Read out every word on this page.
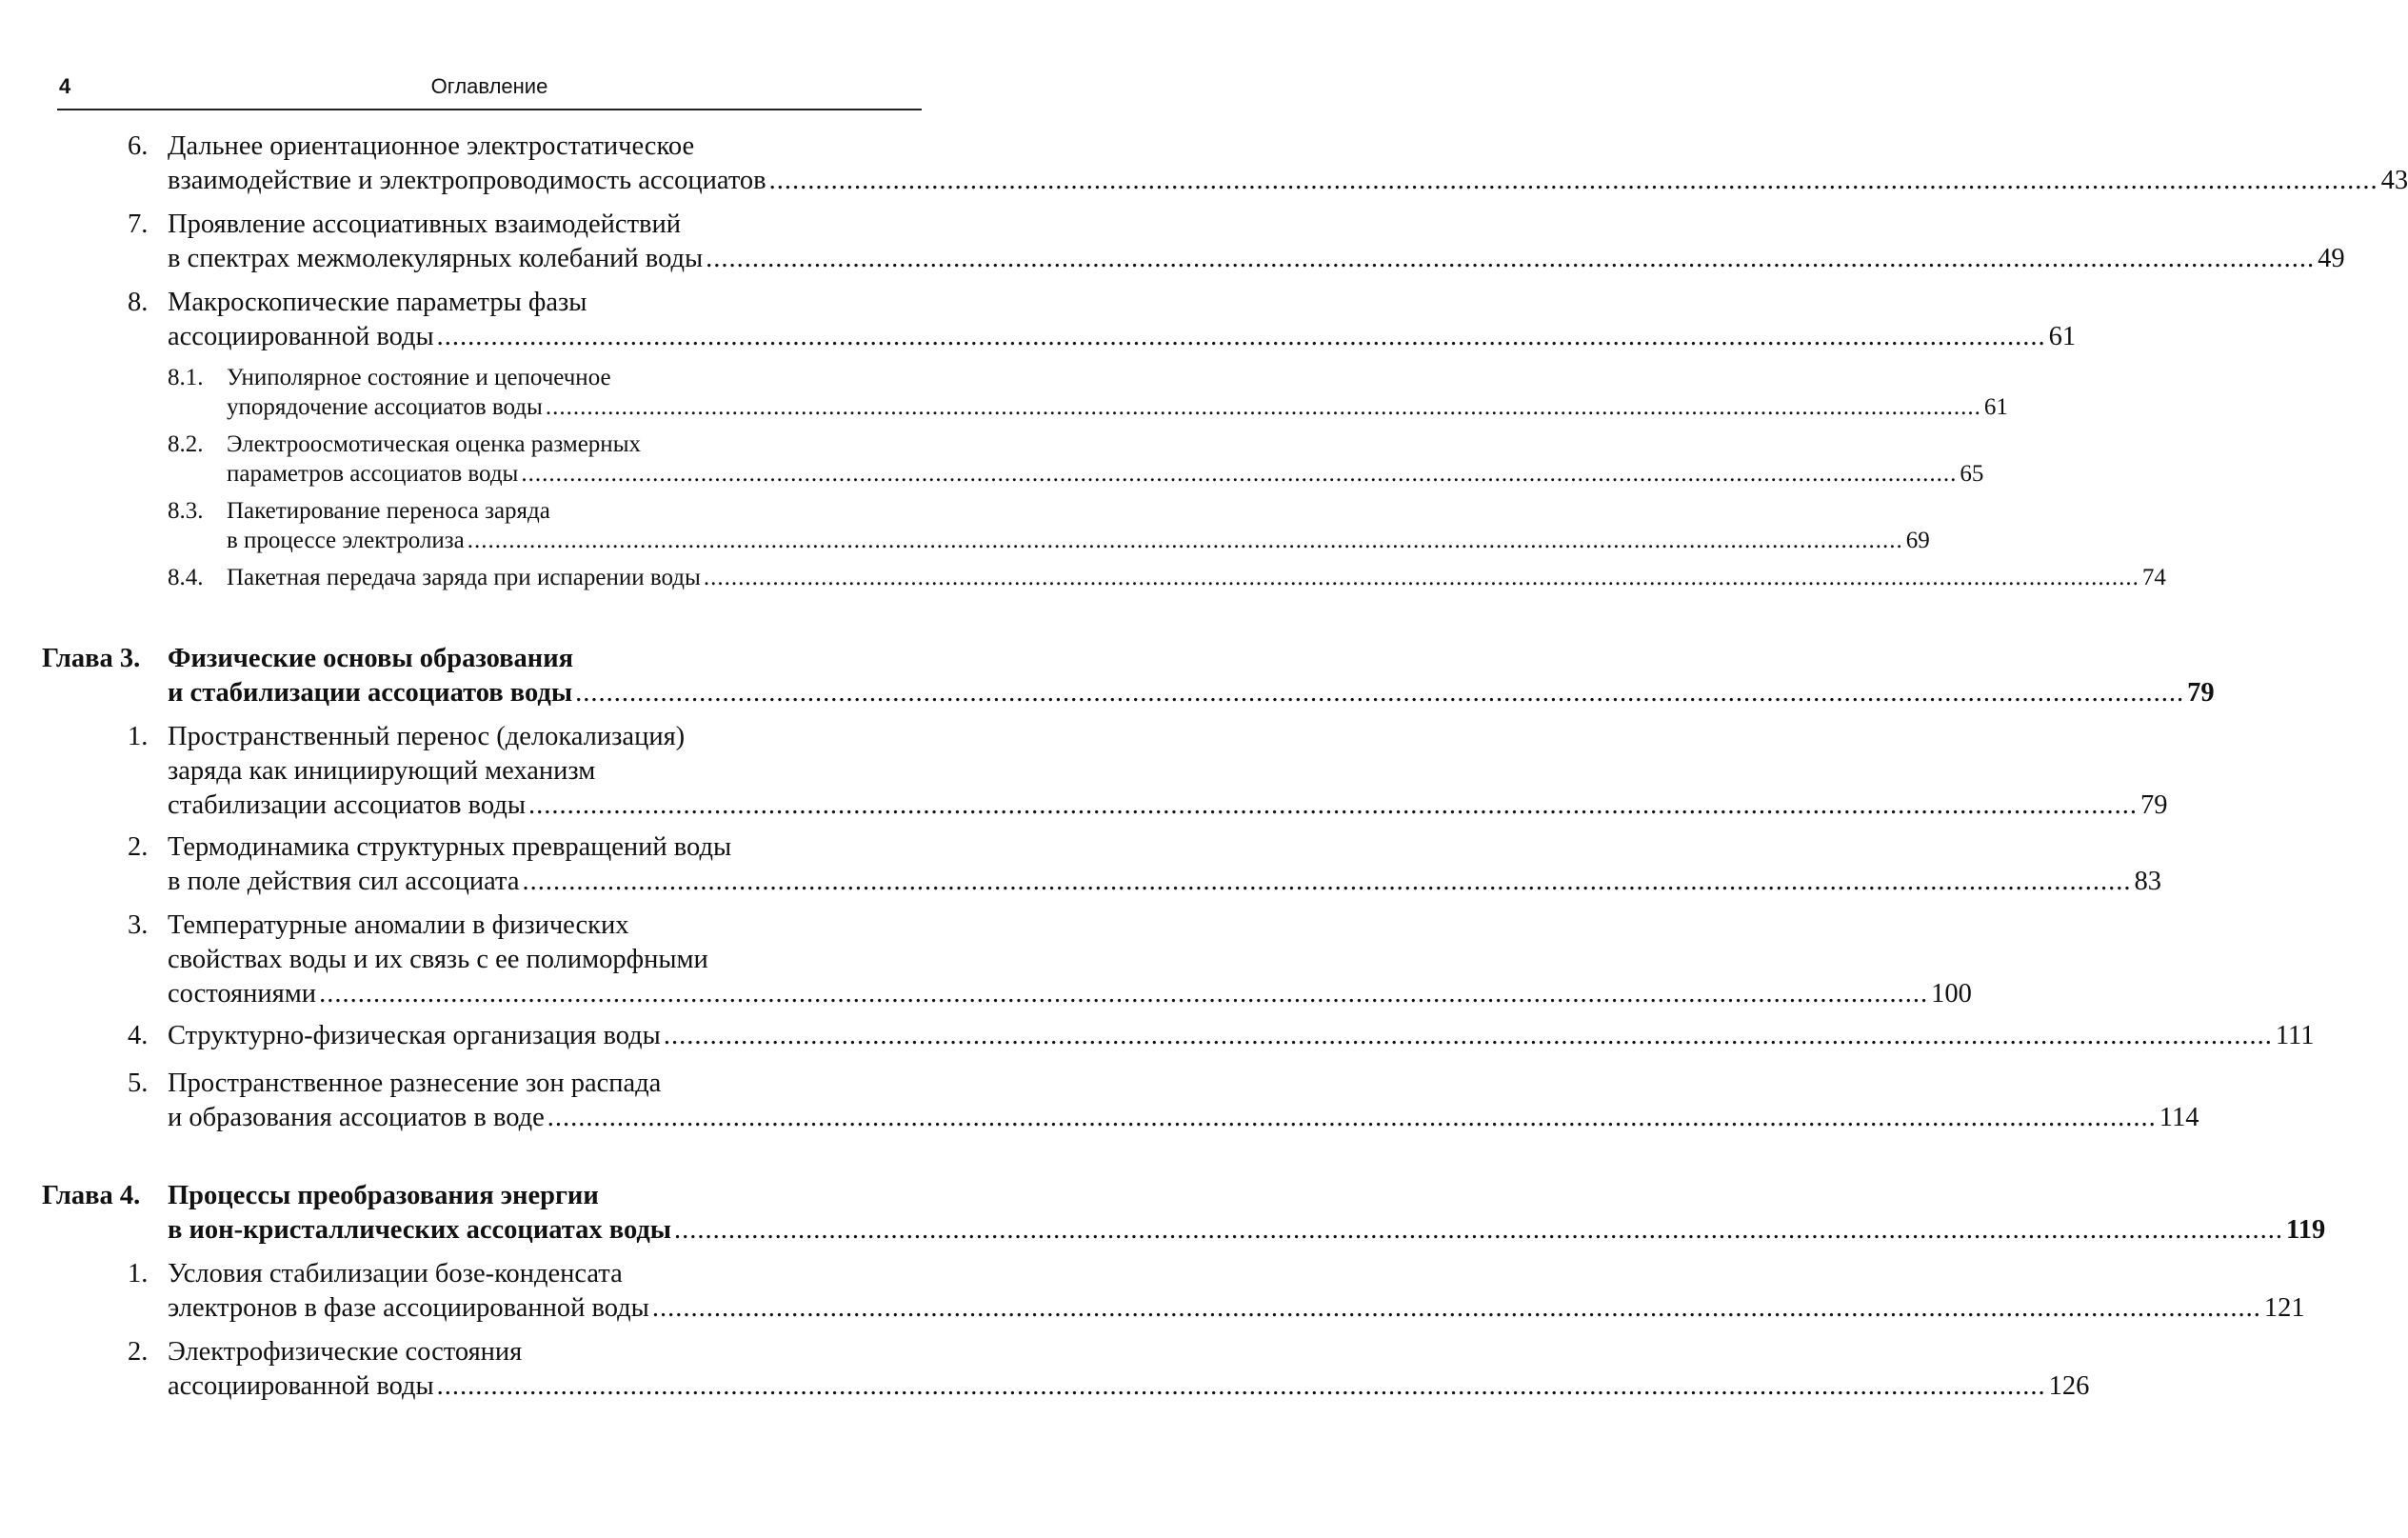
4	Оглавление
6. Дальнее ориентационное электростатическое
взаимодействие и электропроводимость ассоциатов ................................................................................................................................................................................................................ 43
7. Проявление ассоциативных взаимодействий
в спектрах межмолекулярных колебаний воды ................................................................................................................................................................................................................ 49
8. Макроскопические параметры фазы
ассоциированной воды ................................................................................................................................................................................................................ 61
8.1. Униполярное состояние и цепочечное
упорядочение ассоциатов воды ................................................................................................................................................................................................................ 61
8.2. Электроосмотическая оценка размерных
параметров ассоциатов воды ................................................................................................................................................................................................................ 65
8.3. Пакетирование переноса заряда
в процессе электролиза ................................................................................................................................................................................................................ 69
8.4. Пакетная передача заряда при испарении воды ................................................................................................................................................................................................................ 74
Глава 3. Физические основы образования
и стабилизации ассоциатов воды ................................................................................................................................................................................................................ 79
1. Пространственный перенос (делокализация)
заряда как инициирующий механизм
стабилизации ассоциатов воды ................................................................................................................................................................................................................ 79
2. Термодинамика структурных превращений воды
в поле действия сил ассоциата ................................................................................................................................................................................................................ 83
3. Температурные аномалии в физических
свойствах воды и их связь с ее полиморфными
состояниями ................................................................................................................................................................................................................ 100
4. Структурно-физическая организация воды ................................................................................................................................................................................................................ 111
5. Пространственное разнесение зон распада
и образования ассоциатов в воде ................................................................................................................................................................................................................ 114
Глава 4. Процессы преобразования энергии
в ион-кристаллических ассоциатах воды ................................................................................................................................................................................................................ 119
1. Условия стабилизации бозе-конденсата
электронов в фазе ассоциированной воды ................................................................................................................................................................................................................ 121
2. Электрофизические состояния
ассоциированной воды ................................................................................................................................................................................................................ 126
